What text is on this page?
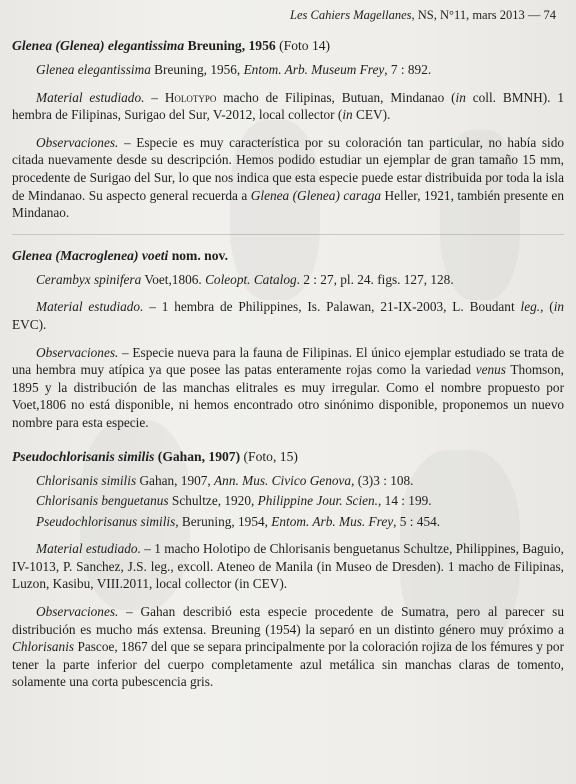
Les Cahiers Magellanes, NS, N°11, mars 2013 — 74
Glenea (Glenea) elegantissima Breuning, 1956 (Foto 14)

Glenea elegantissima Breuning, 1956, Entom. Arb. Museum Frey, 7 : 892.

Material estudiado. – Holotypo macho de Filipinas, Butuan, Mindanao (in coll. BMNH). 1 hembra de Filipinas, Surigao del Sur, V-2012, local collector (in CEV).

Observaciones. – Especie es muy característica por su coloración tan particular, no había sido citada nuevamente desde su descripción. Hemos podido estudiar un ejemplar de gran tamaño 15 mm, procedente de Surigao del Sur, lo que nos indica que esta especie puede estar distribuida por toda la isla de Mindanao. Su aspecto general recuerda a Glenea (Glenea) caraga Heller, 1921, también presente en Mindanao.

Glenea (Macroglenea) voeti nom. nov.

Cerambyx spinifera Voet,1806. Coleopt. Catalog. 2 : 27, pl. 24. figs. 127, 128.

Material estudiado. – 1 hembra de Philippines, Is. Palawan, 21-IX-2003, L. Boudant leg., (in EVC).

Observaciones. – Especie nueva para la fauna de Filipinas. El único ejemplar estudiado se trata de una hembra muy atípica ya que posee las patas enteramente rojas como la variedad venus Thomson, 1895 y la distribución de las manchas elitrales es muy irregular. Como el nombre propuesto por Voet,1806 no está disponible, ni hemos encontrado otro sinónimo disponible, proponemos un nuevo nombre para esta especie.

Pseudochlorisanis similis (Gahan, 1907) (Foto, 15)

Chlorisanis similis Gahan, 1907, Ann. Mus. Civico Genova, (3)3 : 108.

Chlorisanis benguetanus Schultze, 1920, Philippine Jour. Scien., 14 : 199.

Pseudochlorisanus similis, Beruning, 1954, Entom. Arb. Mus. Frey, 5 : 454.

Material estudiado. – 1 macho Holotipo de Chlorisanis benguetanus Schultze, Philippines, Baguio, IV-1013, P. Sanchez, J.S. leg., excoll. Ateneo de Manila (in Museo de Dresden). 1 macho de Filipinas, Luzon, Kasibu, VIII.2011, local collector (in CEV).

Observaciones. – Gahan describió esta especie procedente de Sumatra, pero al parecer su distribución es mucho más extensa. Breuning (1954) la separó en un distinto género muy próximo a Chlorisanis Pascoe, 1867 del que se separa principalmente por la coloración rojiza de los fémures y por tener la parte inferior del cuerpo completamente azul metálica sin manchas claras de tomento, solamente una corta pubescencia gris.
